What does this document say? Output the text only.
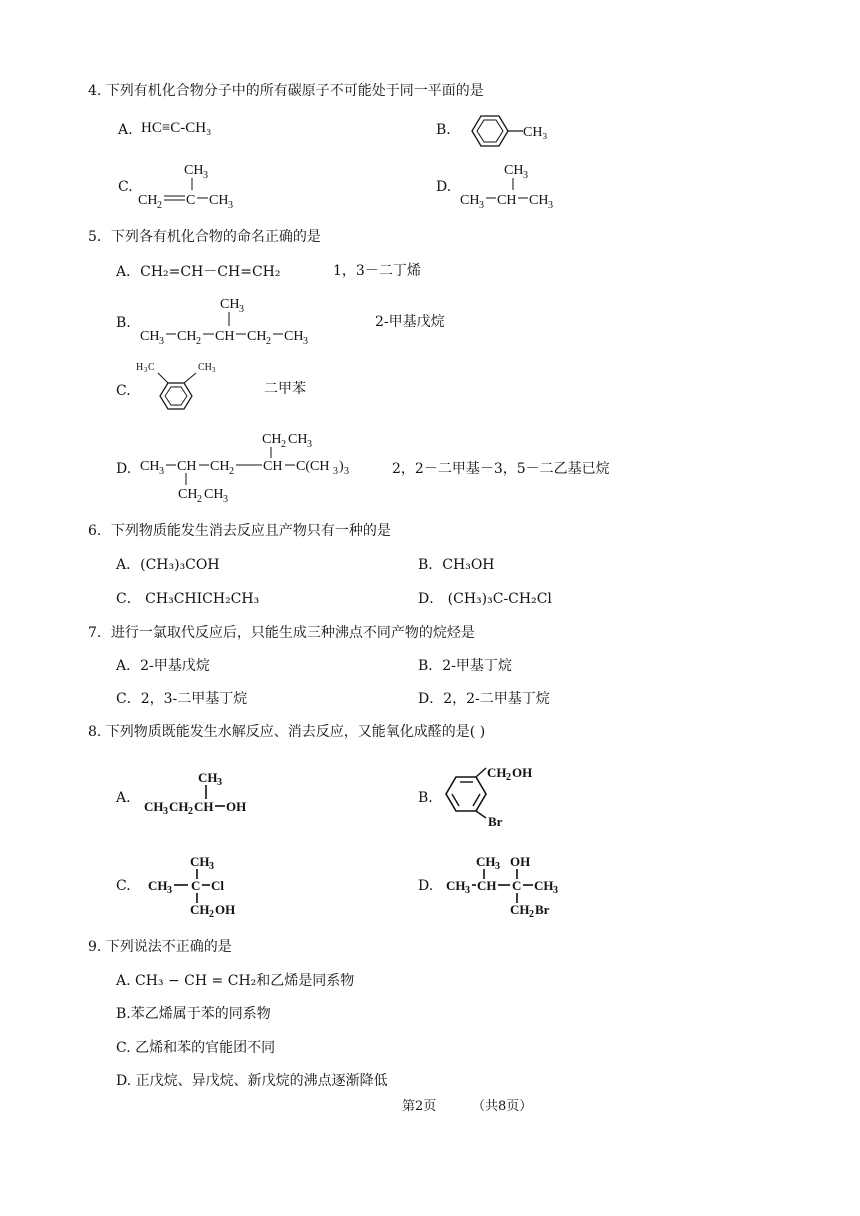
4. 下列有机化合物分子中的所有碳原子不可能处于同一平面的是
A. HC≡C-CH₃	B.	CH₃
C.
CH 3
CH 2 C CH 3
D.
CH 3
CH 3 CH CH 3
5．下列各有机化合物的命名正确的是
A．CH₂=CH－CH=CH₂	1，3－二丁烯
B.
CH 3
CH 3 CH 2 CH CH 2 CH 3
2-甲基戊烷
C.
H 3 C	CH 3
二甲苯
D.
CH 2 CH 3
CH 3 CH CH 2 CH C(CH 3 ) 3
CH 2 CH 3
2，2－二甲基－3，5－二乙基已烷
6．下列物质能发生消去反应且产物只有一种的是
A．(CH₃)₃COH	B．CH₃OH
C． CH₃CHICH₂CH₃	D． (CH₃)₃C-CH₂Cl
7．进行一氯取代反应后，只能生成三种沸点不同产物的烷烃是
A．2-甲基戊烷	B．2-甲基丁烷
C．2，3-二甲基丁烷	D．2，2-二甲基丁烷
8. 下列物质既能发生水解反应、消去反应，又能氧化成醛的是( )
A.
CH 3
CH 3 CH 2 CH OH
B.
CH 2 OH
Br
C.
CH 3
CH 3 C Cl
CH 2 OH
D.
CH 3 OH
CH 3 CH C CH 3
CH 2 Br
9. 下列说法不正确的是
A. CH₃ − CH = CH₂和乙烯是同系物
B.苯乙烯属于苯的同系物
C. 乙烯和苯的官能团不同
D. 正戊烷、异戊烷、新戊烷的沸点逐渐降低
第2页	（共8页）
